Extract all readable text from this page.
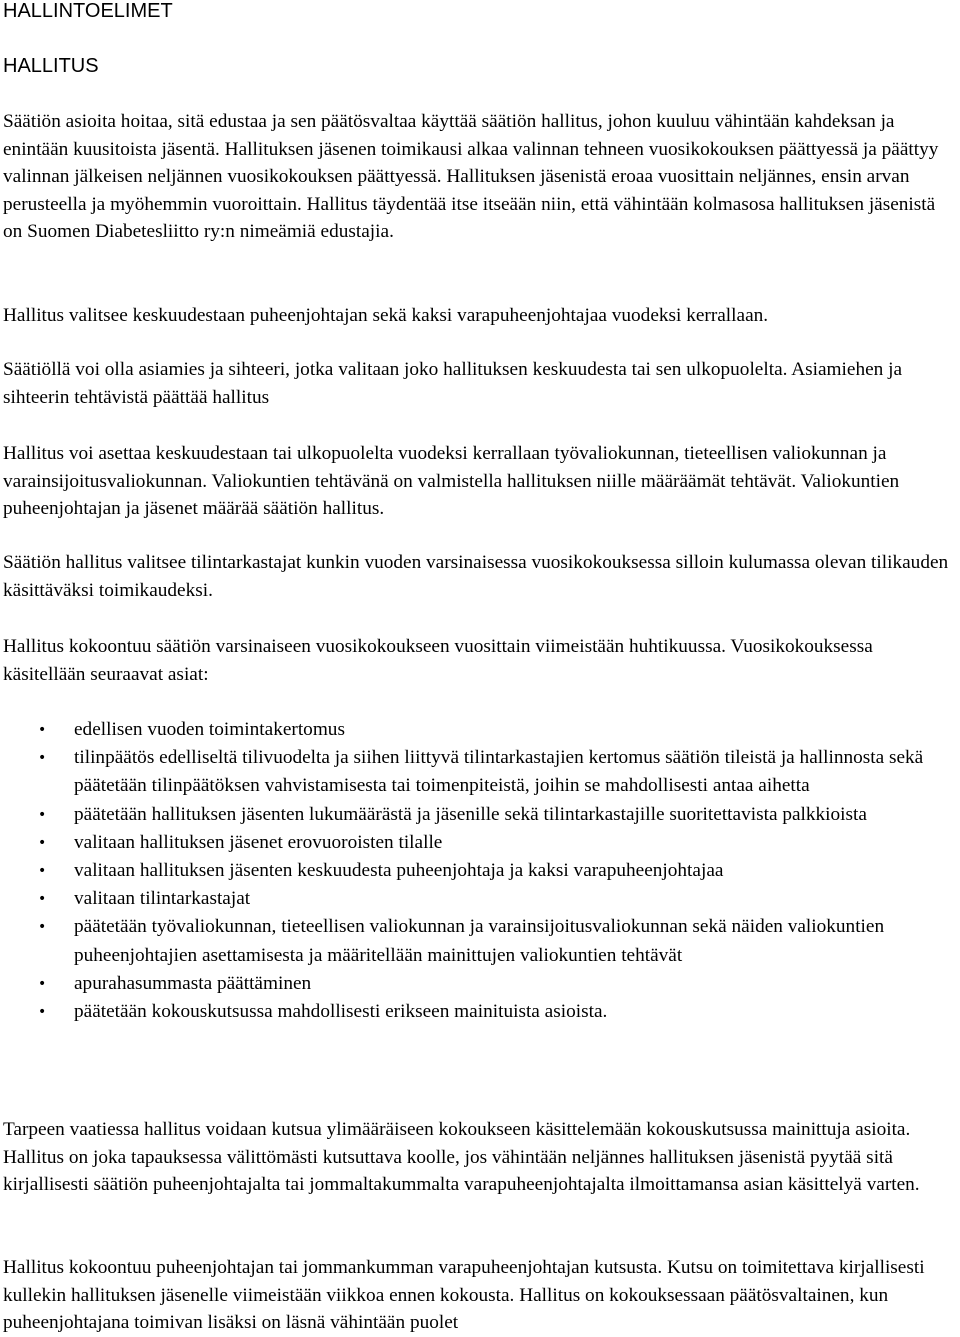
HALLINTOELIMET
HALLITUS

Säätiön asioita hoitaa, sitä edustaa ja sen päätösvaltaa käyttää säätiön hallitus, johon kuuluu vähintään kahdeksan ja enintään kuusitoista jäsentä. Hallituksen jäsenen toimikausi alkaa valinnan tehneen vuosikokouksen päättyessä ja päättyy valinnan jälkeisen neljännen vuosikokouksen päättyessä. Hallituksen jäsenistä eroaa vuosittain neljännes, ensin arvan perusteella ja myöhemmin vuoroittain. Hallitus täydentää itse itseään niin, että vähintään kolmasosa hallituksen jäsenistä on Suomen Diabetesliitto ry:n nimeämiä edustajia.

Hallitus valitsee keskuudestaan puheenjohtajan sekä kaksi varapuheenjohtajaa vuodeksi kerrallaan.

Säätiöllä voi olla asiamies ja sihteeri, jotka valitaan joko hallituksen keskuudesta tai sen ulkopuolelta. Asiamiehen ja sihteerin tehtävistä päättää hallitus

Hallitus voi asettaa keskuudestaan tai ulkopuolelta vuodeksi kerrallaan työvaliokunnan, tieteellisen valiokunnan ja varainsijoitusvaliokunnan. Valiokuntien tehtävänä on valmistella hallituksen niille määräämät tehtävät. Valiokuntien puheenjohtajan ja jäsenet määrää säätiön hallitus.

Säätiön hallitus valitsee tilintarkastajat kunkin vuoden varsinaisessa vuosikokouksessa silloin kulumassa olevan tilikauden käsittäväksi toimikaudeksi.

Hallitus kokoontuu säätiön varsinaiseen vuosikokoukseen vuosittain viimeistään huhtikuussa. Vuosikokouksessa käsitellään seuraavat asiat:

• edellisen vuoden toimintakertomus
• tilinpäätös edelliseltä tilivuodelta ja siihen liittyvä tilintarkastajien kertomus säätiön tileistä ja hallinnosta sekä päätetään tilinpäätöksen vahvistamisesta tai toimenpiteistä, joihin se mahdollisesti antaa aihetta
• päätetään hallituksen jäsenten lukumäärästä ja jäsenille sekä tilintarkastajille suoritettavista palkkioista
• valitaan hallituksen jäsenet erovuoroisten tilalle
• valitaan hallituksen jäsenten keskuudesta puheenjohtaja ja kaksi varapuheenjohtajaa
• valitaan tilintarkastajat
• päätetään työvaliokunnan, tieteellisen valiokunnan ja varainsijoitusvaliokunnan sekä näiden valiokuntien puheenjohtajien asettamisesta ja määritellään mainittujen valiokuntien tehtävät
• apurahasummasta päättäminen
• päätetään kokouskutsussa mahdollisesti erikseen mainituista asioista.

Tarpeen vaatiessa hallitus voidaan kutsua ylimääräiseen kokoukseen käsittelemään kokouskutsussa mainittuja asioita. Hallitus on joka tapauksessa välittömästi kutsuttava koolle, jos vähintään neljännes hallituksen jäsenistä pyytää sitä kirjallisesti säätiön puheenjohtajalta tai jommaltakummalta varapuheenjohtajalta ilmoittamansa asian käsittelyä varten.

Hallitus kokoontuu puheenjohtajan tai jommankumman varapuheenjohtajan kutsusta. Kutsu on toimitettava kirjallisesti kullekin hallituksen jäsenelle viimeistään viikkoa ennen kokousta. Hallitus on kokouksessaan päätösvaltainen, kun puheenjohtajana toimivan lisäksi on läsnä vähintään puolet
